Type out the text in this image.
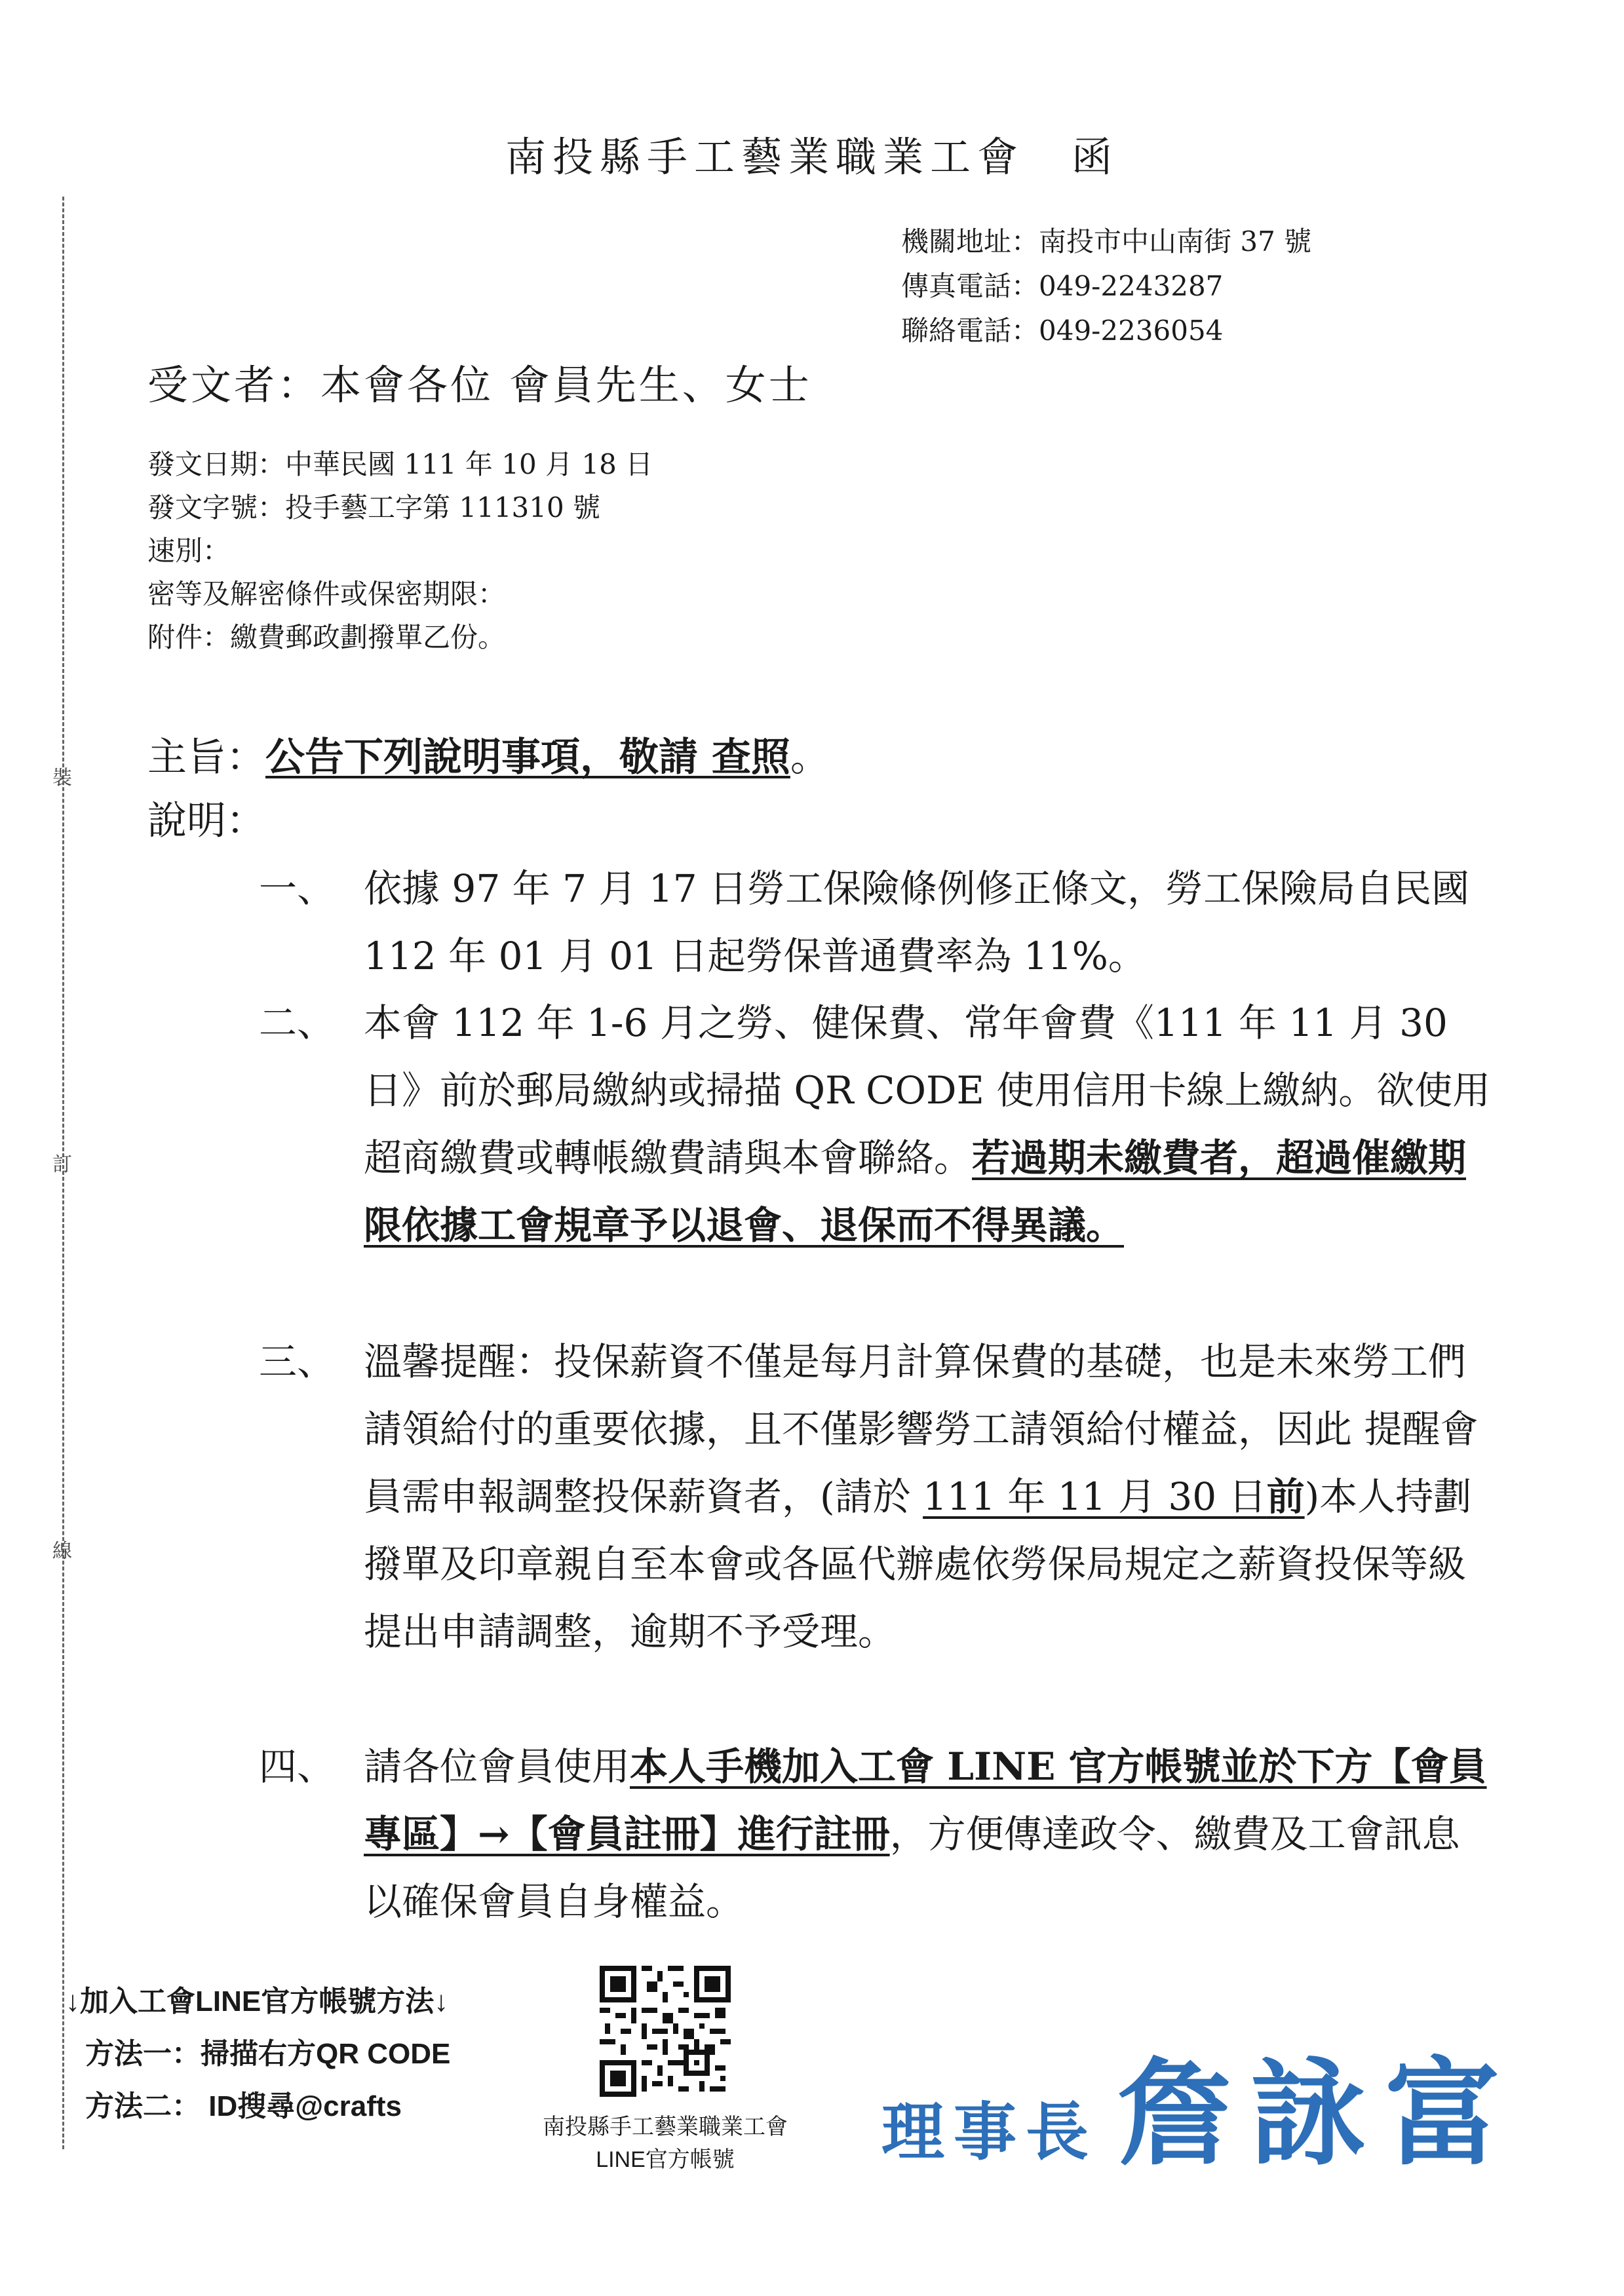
南投縣手工藝業職業工會　函
機關地址：南投市中山南街 37 號
傳真電話：049-2243287
聯絡電話：049-2236054
受文者：本會各位 會員先生、女士
發文日期：中華民國 111 年 10 月 18 日
發文字號：投手藝工字第 111310 號
速別：
密等及解密條件或保密期限：
附件：繳費郵政劃撥單乙份。
裝
訂
線
主旨：公告下列說明事項，敬請 查照。
說明：
一、 依據 97 年 7 月 17 日勞工保險條例修正條文，勞工保險局自民國 112 年 01 月 01 日起勞保普通費率為 11%。
二、 本會 112 年 1-6 月之勞、健保費、常年會費《111 年 11 月 30 日》前於郵局繳納或掃描 QR CODE 使用信用卡線上繳納。欲使用超商繳費或轉帳繳費請與本會聯絡。若過期未繳費者，超過催繳期限依據工會規章予以退會、退保而不得異議。
三、 溫馨提醒：投保薪資不僅是每月計算保費的基礎，也是未來勞工們請領給付的重要依據，且不僅影響勞工請領給付權益，因此 提醒會員需申報調整投保薪資者，(請於 111 年 11 月 30 日前)本人持劃撥單及印章親自至本會或各區代辦處依勞保局規定之薪資投保等級提出申請調整，逾期不予受理。
四、 請各位會員使用本人手機加入工會 LINE 官方帳號並於下方【會員專區】→【會員註冊】進行註冊，方便傳達政令、繳費及工會訊息以確保會員自身權益。
↓加入工會LINE官方帳號方法↓
方法一：掃描右方QR CODE
方法二： ID搜尋@crafts
南投縣手工藝業職業工會
LINE官方帳號	理事長 詹詠富
